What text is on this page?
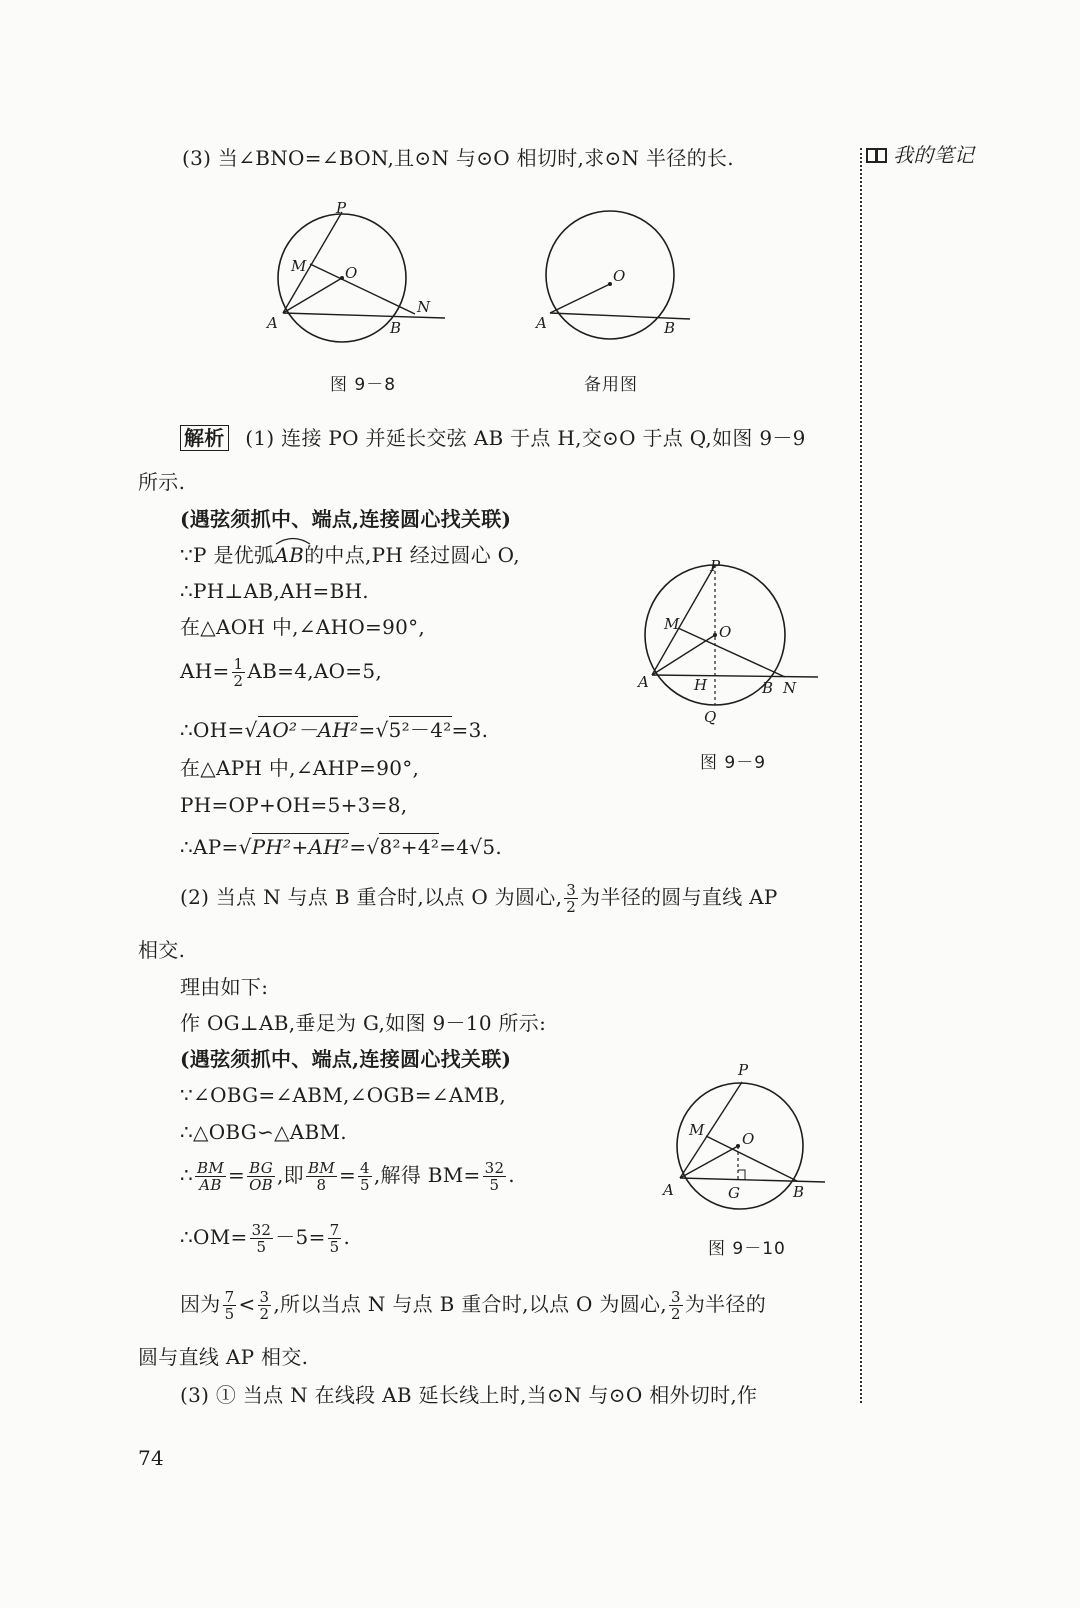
我的笔记
(3) 当∠BNO=∠BON,且⊙N 与⊙O 相切时,求⊙N 半径的长.
P
M	O
A	B
N
图 9－8
O
A	B
备用图
解析 (1) 连接 PO 并延长交弦 AB 于点 H,交⊙O 于点 Q,如图 9－9
所示.
(遇弦须抓中、端点,连接圆心找关联)
∵P 是优弧
AB的中点,PH 经过圆心 O,
∴PH⊥AB,AH=BH.
在△AOH 中,∠AHO=90°,
$AH= \frac{1}{2} AB=4,AO=5$,
∴OH=√AO²－AH²=√5²－4²=3.
在△APH 中,∠AHP=90°,
PH=OP+OH=5+3=8,
∴AP=√PH²+AH²=√8²+4²=4√5.
P
M	O
A	H	B N
Q
图 9－9
(2) 当点 N 与点 B 重合时,以点 O 为圆心, $\frac{3}{2}$ 为半径的圆与直线 AP
相交.
理由如下:
作 OG⊥AB,垂足为 G,如图 9－10 所示:
(遇弦须抓中、端点,连接圆心找关联)
∵∠OBG=∠ABM,∠OGB=∠AMB,
∴△OBG∽△ABM.
∴ $\frac{BM}{AB} = \frac{BG}{OB}$ ,即 $\frac{BM}{8} = \frac{4}{5}$ ,解得 $BM= \frac{32}{5}$ .
∴OM= $\frac{32}{5} -5= \frac{7}{5}$ .
P
M	O
A	G	B
图 9－10
因为 $\frac{7}{5} < \frac{3}{2}$ ,所以当点 N 与点 B 重合时,以点 O 为圆心, $\frac{3}{2}$ 为半径的
圆与直线 AP 相交.
(3) ① 当点 N 在线段 AB 延长线上时,当⊙N 与⊙O 相外切时,作
74
